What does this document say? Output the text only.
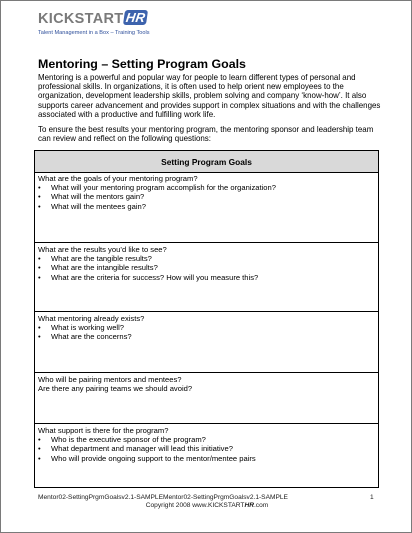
KICKSTART HR
Talent Management in a Box – Training Tools
Mentoring – Setting Program Goals
Mentoring is a powerful and popular way for people to learn different types of personal and professional skills. In organizations, it is often used to help orient new employees to the organization, development leadership skills, problem solving and company ‘know-how’. It also supports career advancement and provides support in complex situations and with the challenges associated with a productive and fulfilling work life.
To ensure the best results your mentoring program, the mentoring sponsor and leadership team can review and reflect on the following questions:
Setting Program Goals
What are the goals of your mentoring program?
• What will your mentoring program accomplish for the organization?
• What will the mentors gain?
• What will the mentees gain?
What are the results you’d like to see?
• What are the tangible results?
• What are the intangible results?
• What are the criteria for success? How will you measure this?
What mentoring already exists?
• What is working well?
• What are the concerns?
Who will be pairing mentors and mentees?
Are there any pairing teams we should avoid?
What support is there for the program?
• Who is the executive sponsor of the program?
• What department and manager will lead this initiative?
• Who will provide ongoing support to the mentor/mentee pairs
Mentor02-SettingPrgmGoalsv2.1-SAMPLEMentor02-SettingPrgmGoalsv2.1-SAMPLE	1
Copyright 2008 www.KICKSTARTHR.com
